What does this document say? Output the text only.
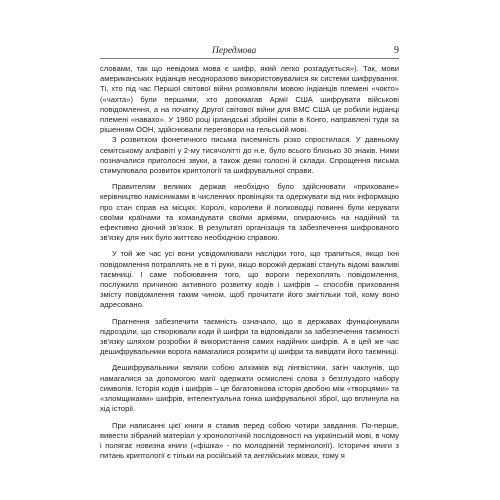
Передмова	9

словами, так що невідома мова є шифр, який легко розгадується»). Так, мови американських індіанців неодноразово використовувалися як системи шифрування. Ті, хто під час Першої світової війни розмовляли мовою індіанців племені «чокто» («чахта») були першими, хто допомагав Армії США шифрувати військові повідомлення, а на початку Другої світової війни для ВМС США це робили індіанці племені «навахо». У 1960 році ірландські збройні сили в Конго, направлені туди за рішенням ООН, здійснювали переговори на гельській мові.

З розвитком фонетичного письма писемність різко спростилася. У давньому семітському алфавіті у 2-му тисячолітті до н.е. було всього близько 30 знаків. Ними позначалися приголосні звуки, а також деякі голосні й склади. Спрощення письма стимулювало розвиток криптології та шифрувальної справи.

Правителям великих держав необхідно було здійснювати «приховане» керівництво намісниками в численних провінціях та одержувати від них інформацію про стан справ на місцях. Королі, королеви й полководці повинні були керувати своїми країнами та командувати своїми арміями, опираючись на надійний та ефективно діючий зв'язок. В результаті організація та забезпечення шифрованого зв'язку для них було життєво необхідною справою.

У той же час усі вони усвідомлювали наслідки того, що трапиться, якщо їхні повідомлення потраплять не в ті руки, якщо ворожій державі стануть відомі важливі таємниці. І саме побоювання того, що вороги перехоплять повідомлення, послужило причиною активного розвитку кодів і шифрів – способів приховання змісту повідомлення таким чином, щоб прочитати його змігтільки той, кому воно адресовано.

Прагнення забезпечити таємність означало, що в державах функціонували підрозділи, що створювали коди й шифри та відповідали за забезпечення таємності зв'язку шляхом розробки й використання самих надійних шифрів. А в цей же час дешифрувальники ворога намагалися розкрити ці шифри та вивідати його таємниці.

Дешифрувальники являли собою алхіміків від лінгвістики, загін чаклунів, що намагалися за допомогою магії одержати осмислені слова з безглуздого набору символів. Історія кодів і шифрів – це багатовікова історія двобою між «творцями» та «зломщиками» шифрів, інтелектуальна гонка шифрувальної зброї, що вплинула на хід історії.

При написанні цієї книги я ставив перед собою чотири завдання. По-перше, вивести зібраний матеріал у хронологічній послідовності на українській мові, в чому і полягає новизна книги («фішка» - по молодіжній термінології). Історичні книги з питань криптології є тільки на російській та англійських мовах, тому я
